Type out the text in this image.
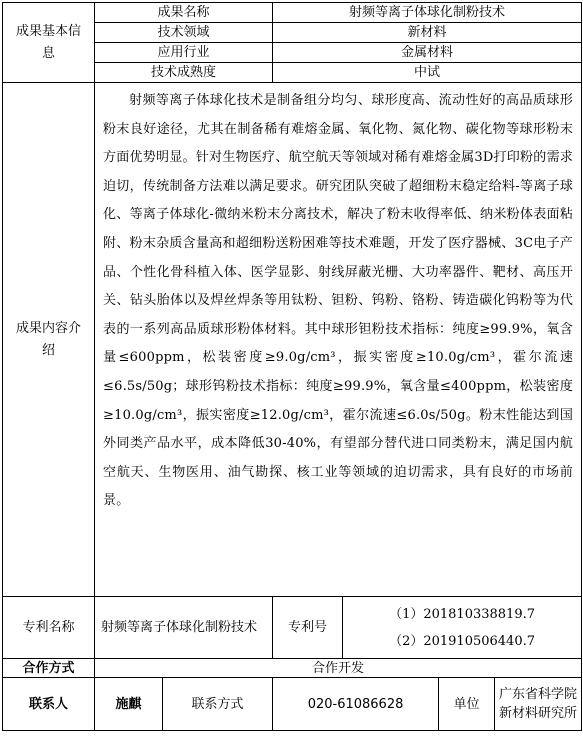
成果基本信息	成果名称		射频等离子体球化制粉技术			
	技术领域		新材料			
	应用行业		金属材料			
	技术成熟度		中试			
成果内容介绍	射频等离子体球化技术是制备组分均匀、球形度高、流动性好的高品质球形粉末良好途径，尤其在制备稀有难熔金属、氧化物、氮化物、碳化物等球形粉末方面优势明显。针对生物医疗、航空航天等领域对稀有难熔金属3D打印粉的需求迫切，传统制备方法难以满足要求。研究团队突破了超细粉末稳定给料-等离子球化、等离子体球化-微纳米粉末分离技术，解决了粉末收得率低、纳米粉体表面粘附、粉末杂质含量高和超细粉送粉困难等技术难题，开发了医疗器械、3C电子产品、个性化骨科植入体、医学显影、射线屏蔽光栅、大功率器件、靶材、高压开关、钻头胎体以及焊丝焊条等用钛粉、钽粉、钨粉、铬粉、铸造碳化钨粉等为代表的一系列高品质球形粉体材料。其中球形钽粉技术指标：纯度≥99.9%，氧含量≤600ppm，松装密度≥9.0g/cm³，振实密度≥10.0g/cm³，霍尔流速≤6.5s/50g；球形钨粉技术指标：纯度≥99.9%，氧含量≤400ppm，松装密度≥10.0g/cm³，振实密度≥12.0g/cm³，霍尔流速≤6.0s/50g。粉末性能达到国外同类产品水平，成本降低30-40%，有望部分替代进口同类粉末，满足国内航空航天、生物医用、油气勘探、核工业等领域的迫切需求，具有良好的市场前景。					

专利名称	射频等离子体球化制粉技术		专利号	（1）201810338819.7
（2）201910506440.7		

合作方式	合作开发					
联系人	施麒	联系方式	020-61086628		单位	广东省科学院新材料研究所
